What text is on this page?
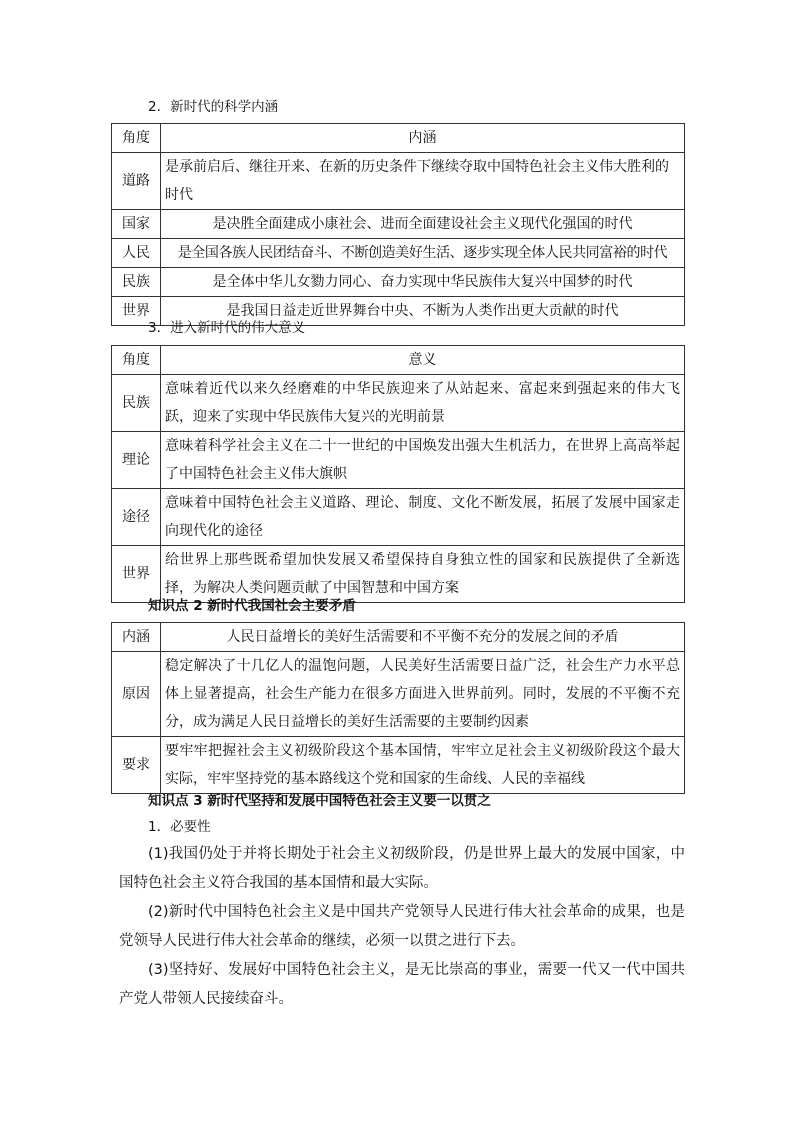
2．新时代的科学内涵
角度	内涵
道路	是承前启后、继往开来、在新的历史条件下继续夺取中国特色社会主义伟大胜利的时代
国家	是决胜全面建成小康社会、进而全面建设社会主义现代化强国的时代
人民	是全国各族人民团结奋斗、不断创造美好生活、逐步实现全体人民共同富裕的时代
民族	是全体中华儿女勠力同心、奋力实现中华民族伟大复兴中国梦的时代
世界	是我国日益走近世界舞台中央、不断为人类作出更大贡献的时代
3．进入新时代的伟大意义
角度	意义
民族	意味着近代以来久经磨难的中华民族迎来了从站起来、富起来到强起来的伟大飞跃，迎来了实现中华民族伟大复兴的光明前景
理论	意味着科学社会主义在二十一世纪的中国焕发出强大生机活力，在世界上高高举起了中国特色社会主义伟大旗帜
途径	意味着中国特色社会主义道路、理论、制度、文化不断发展，拓展了发展中国家走向现代化的途径
世界	给世界上那些既希望加快发展又希望保持自身独立性的国家和民族提供了全新选择，为解决人类问题贡献了中国智慧和中国方案
知识点 2 新时代我国社会主要矛盾
内涵	人民日益增长的美好生活需要和不平衡不充分的发展之间的矛盾
原因	稳定解决了十几亿人的温饱问题，人民美好生活需要日益广泛，社会生产力水平总体上显著提高，社会生产能力在很多方面进入世界前列。同时，发展的不平衡不充分，成为满足人民日益增长的美好生活需要的主要制约因素
要求	要牢牢把握社会主义初级阶段这个基本国情，牢牢立足社会主义初级阶段这个最大实际，牢牢坚持党的基本路线这个党和国家的生命线、人民的幸福线
知识点 3 新时代坚持和发展中国特色社会主义要一以贯之
1．必要性
(1)我国仍处于并将长期处于社会主义初级阶段，仍是世界上最大的发展中国家，中国特色社会主义符合我国的基本国情和最大实际。
(2)新时代中国特色社会主义是中国共产党领导人民进行伟大社会革命的成果，也是党领导人民进行伟大社会革命的继续，必须一以贯之进行下去。
(3)坚持好、发展好中国特色社会主义，是无比崇高的事业，需要一代又一代中国共产党人带领人民接续奋斗。
